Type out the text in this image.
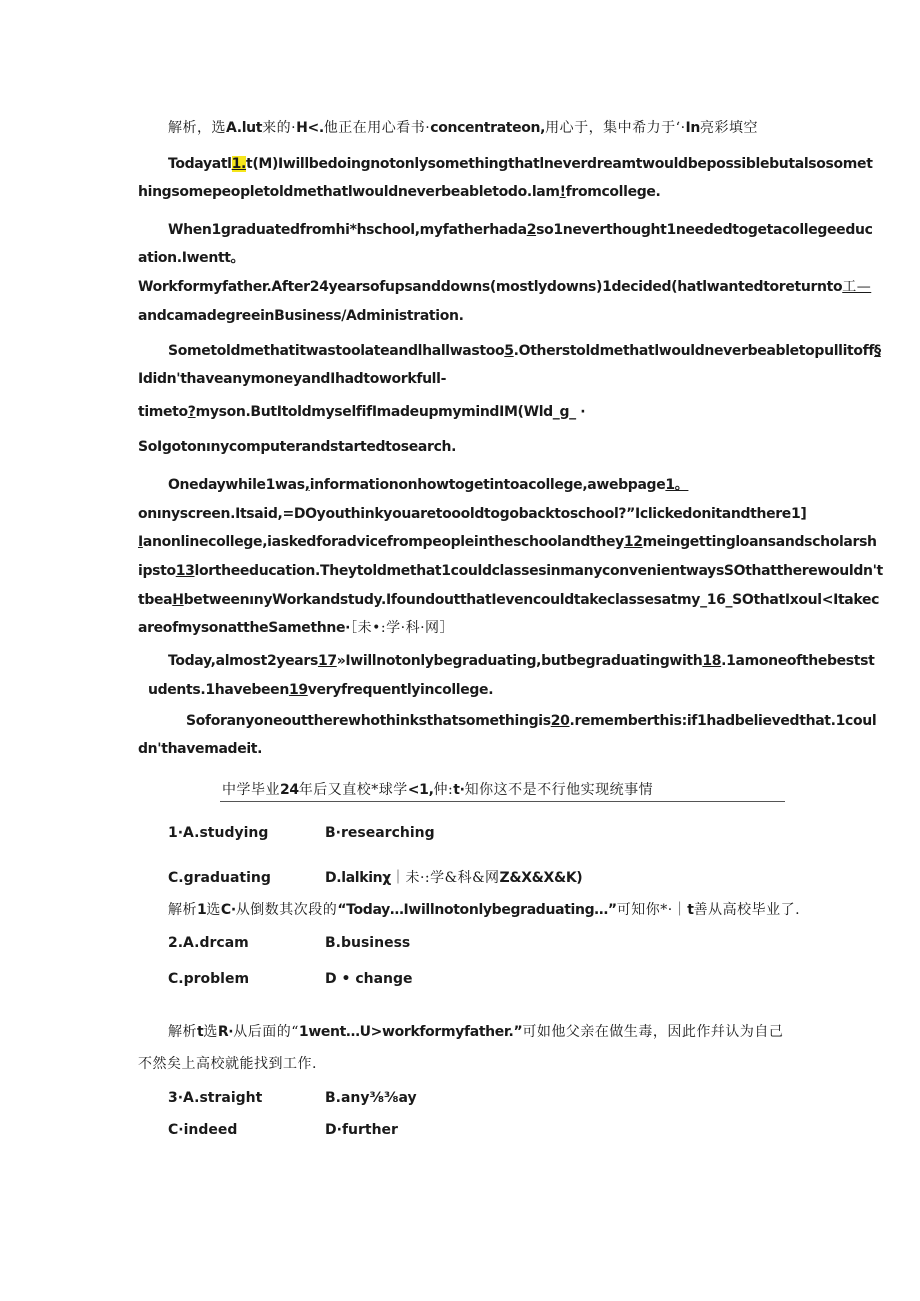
解析，选A.lut来的·H<.他正在用心看书·concentrateon,用心于，集中希力于‘·In亮彩填空
Todayatl1.t(M)Iwillbedoingnotonlysomethingthatlneverdreamtwouldbepossiblebutalsosomet
hingsomepeopletoldmethatlwouldneverbeabletodo.lam!fromcollege.
When1graduatedfromhi*hschool,myfatherhada2so1neverthought1neededtogetacollegeeduc
ation.Iwentt。
Workformyfather.After24yearsofupsanddowns(mostlydowns)1decided(hatlwantedtoreturnto工—
andcamadegreeinBusiness/Administration.
Sometoldmethatitwastoolateandlhallwastoo5.Otherstoldmethatlwouldneverbeabletopullitoff§
Ididn'thaveanymoneyandIhadtoworkfull-
timeto?myson.ButItoldmyselfifImadeupmymindIM(Wld_g_ ·
SoIgotonınycomputerandstartedtosearch.
Onedaywhile1was,informationonhowtogetintoacollege,awebpage1。
onınyscreen.Itsaid,=DOyouthinkyouaretoooldtogobacktoschool?”Iclickedonitandthere1]
Ianonlinecollege,iaskedforadvicefrompeopleintheschoolandthey12meingettingloansandscholarsh
ipsto13lortheeducation.Theytoldmethat1couldclassesinmanyconvenientwaysSOthattherewouldn't
tbeaHbetweenınyWorkandstudy.IfoundoutthatIevencouldtakeclassesatmy_16_SOthatIxoul<Itakec
areofmysonattheSamethne·［未•:学·科·网］
Today,almost2years17»Iwillnotonlybegraduating,butbegraduatingwith18.1amoneofthebestst
udents.1havebeen19veryfrequentlyincollege.
Soforanyoneouttherewhothinksthatsomethingis20.rememberthis:if1hadbelievedthat.1coul
dn'thavemadeit.
中学毕业24年后又直校*球学<1,仲:t·知你这不是不行他实现统事情
1·A.studying	B·researching
C.graduating	D.lalkinχ｜未·:学&科&网Z&X&X&K)
解析1选C·从倒数其次段的“Today…Iwillnotonlybegraduating…”可知你*·｜t善从高校毕业了.
2.A.drcam	B.business
C.problem	D • change
解析t选R·从后面的“1went…U>workformyfather.”可如他父亲在做生毒，因此作幷认为自己
不然矣上高校就能找到工作.
3·A.straight	B.any⅜⅜ay
C·indeed	D·further
